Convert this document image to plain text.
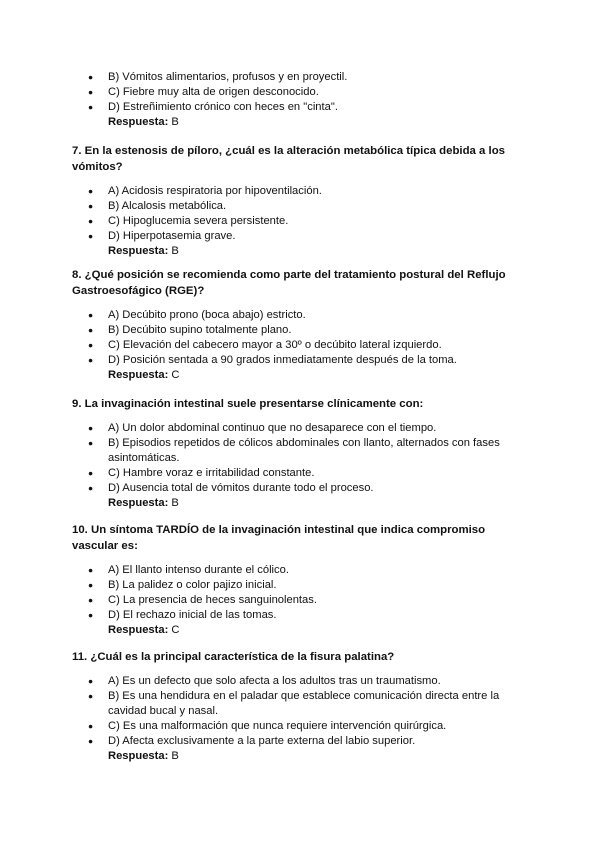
● B) Vómitos alimentarios, profusos y en proyectil.
● C) Fiebre muy alta de origen desconocido.
● D) Estreñimiento crónico con heces en "cinta".
Respuesta: B
7. En la estenosis de píloro, ¿cuál es la alteración metabólica típica debida a los vómitos?
● A) Acidosis respiratoria por hipoventilación.
● B) Alcalosis metabólica.
● C) Hipoglucemia severa persistente.
● D) Hiperpotasemia grave.
Respuesta: B
8. ¿Qué posición se recomienda como parte del tratamiento postural del Reflujo Gastroesofágico (RGE)?
● A) Decúbito prono (boca abajo) estricto.
● B) Decúbito supino totalmente plano.
● C) Elevación del cabecero mayor a 30º o decúbito lateral izquierdo.
● D) Posición sentada a 90 grados inmediatamente después de la toma.
Respuesta: C
9. La invaginación intestinal suele presentarse clínicamente con:
● A) Un dolor abdominal continuo que no desaparece con el tiempo.
● B) Episodios repetidos de cólicos abdominales con llanto, alternados con fases asintomáticas.
● C) Hambre voraz e irritabilidad constante.
● D) Ausencia total de vómitos durante todo el proceso.
Respuesta: B
10. Un síntoma TARDÍO de la invaginación intestinal que indica compromiso vascular es:
● A) El llanto intenso durante el cólico.
● B) La palidez o color pajizo inicial.
● C) La presencia de heces sanguinolentas.
● D) El rechazo inicial de las tomas.
Respuesta: C
11. ¿Cuál es la principal característica de la fisura palatina?
● A) Es un defecto que solo afecta a los adultos tras un traumatismo.
● B) Es una hendidura en el paladar que establece comunicación directa entre la cavidad bucal y nasal.
● C) Es una malformación que nunca requiere intervención quirúrgica.
● D) Afecta exclusivamente a la parte externa del labio superior.
Respuesta: B
